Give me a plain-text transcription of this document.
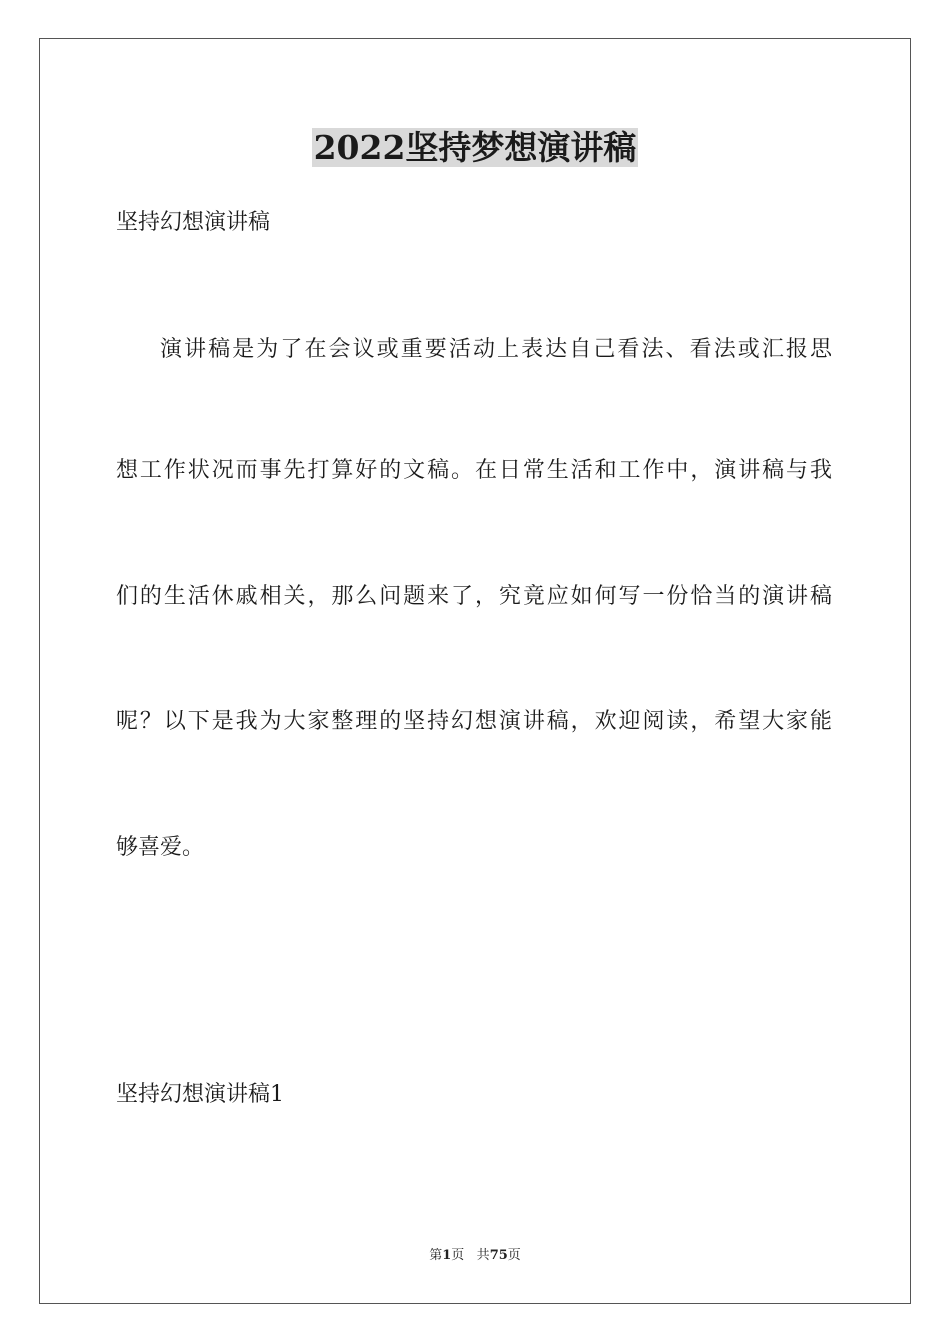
2022坚持梦想演讲稿
坚持幻想演讲稿
演讲稿是为了在会议或重要活动上表达自己看法、看法或汇报思
想工作状况而事先打算好的文稿。在日常生活和工作中，演讲稿与我
们的生活休戚相关，那么问题来了，究竟应如何写一份恰当的演讲稿
呢？以下是我为大家整理的坚持幻想演讲稿，欢迎阅读，希望大家能
够喜爱。
坚持幻想演讲稿1
第1页 共75页
